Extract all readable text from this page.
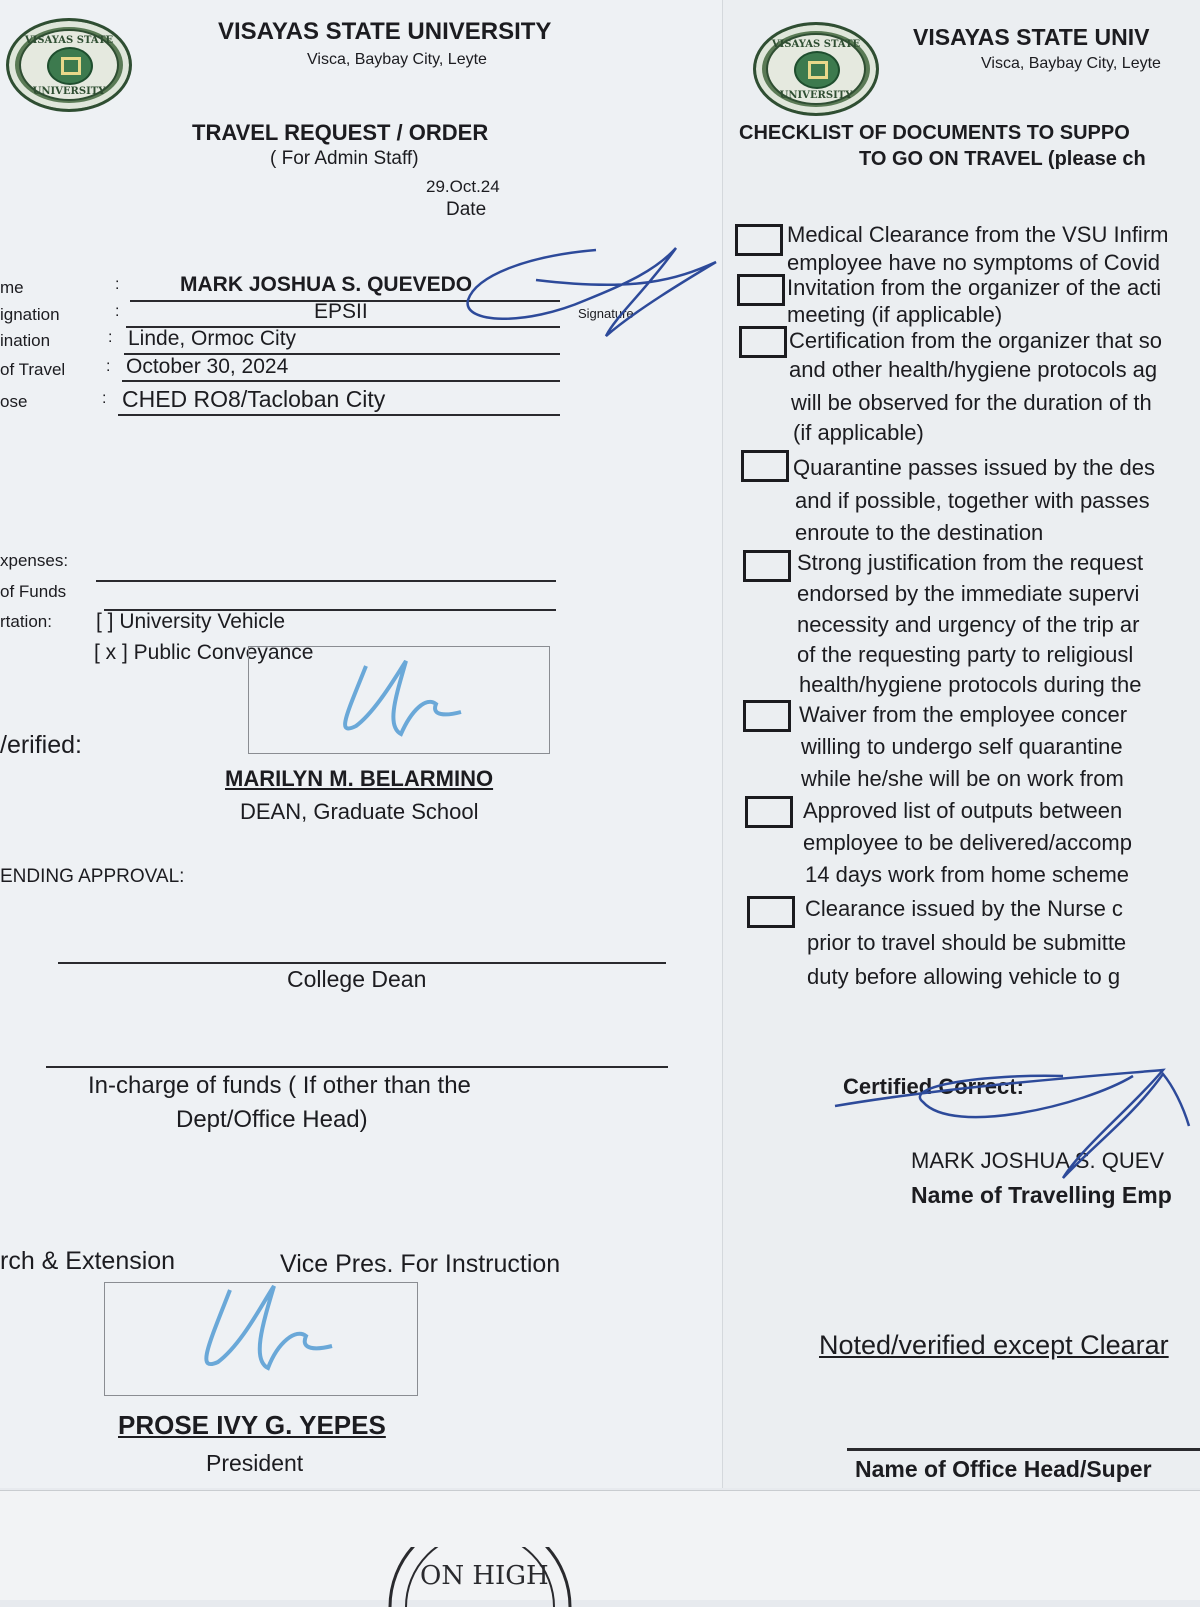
VISAYAS STATE
UNIVERSITY
VISAYAS STATE UNIVERSITY
Visca, Baybay City, Leyte
TRAVEL REQUEST / ORDER
( For Admin Staff)
29.Oct.24
Date
me	:	MARK JOSHUA S. QUEVEDO
ignation	:	EPSII	Signature
ination	: Linde, Ormoc City
of Travel	: October 30, 2024
ose	: CHED RO8/Tacloban City
xpenses:
of Funds
rtation: [ ] University Vehicle
[ x ] Public Conveyance
/erified:
MARILYN M. BELARMINO
DEAN, Graduate School
ENDING APPROVAL:
College Dean
In-charge of funds ( If other than the
Dept/Office Head)
rch & Extension	Vice Pres. For Instruction
PROSE IVY G. YEPES
President
VISAYAS STATE
UNIVERSITY
VISAYAS STATE UNIV
Visca, Baybay City, Leyte
CHECKLIST OF DOCUMENTS TO SUPPO
TO GO ON TRAVEL (please ch
Medical Clearance from the VSU Infirm
employee have no symptoms of Covid
Invitation from the organizer of the acti
meeting (if applicable)
Certification from the organizer that so
and other health/hygiene protocols ag
will be observed for the duration of th
(if applicable)
Quarantine passes issued by the des
and if possible, together with passes
enroute to the destination
Strong justification from the request
endorsed by the immediate supervi
necessity and urgency of the trip ar
of the requesting party to religiousl
health/hygiene protocols during the
Waiver from the employee concer
willing to undergo self quarantine
while he/she will be on work from
Approved list of outputs between
employee to be delivered/accomp
14 days work from home scheme
Clearance issued by the Nurse c
prior to travel should be submitte
duty before allowing vehicle to g
Certified Correct:
MARK JOSHUA S. QUEV
Name of Travelling Emp
Noted/verified except Clearar
Name of Office Head/Super
ON HIGH
